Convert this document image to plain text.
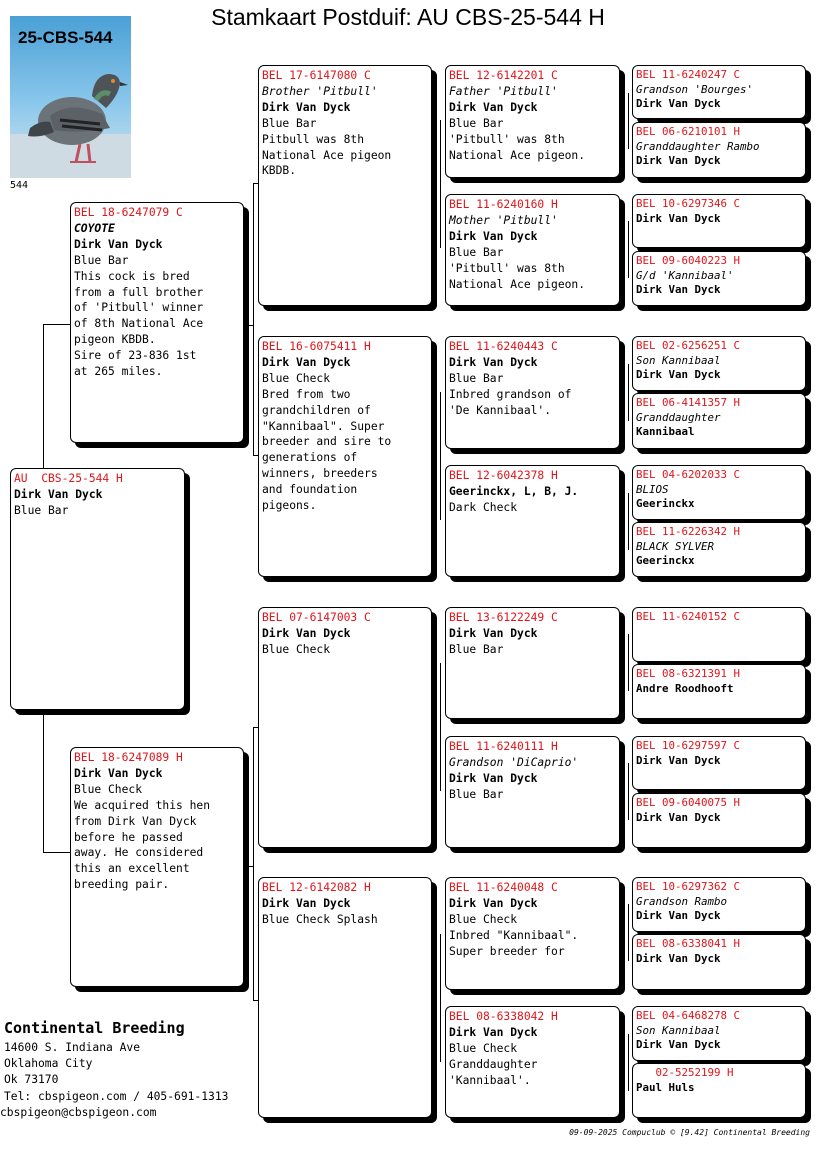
Stamkaart Postduif: AU CBS-25-544 H
25-CBS-544
544
AU  CBS-25-544 H
Dirk Van Dyck
Blue Bar
BEL 18-6247079 C
COYOTE
Dirk Van Dyck
Blue Bar
This cock is bred
from a full brother
of 'Pitbull' winner
of 8th National Ace
pigeon KBDB.
Sire of 23-836 1st
at 265 miles.
BEL 18-6247089 H
Dirk Van Dyck
Blue Check
We acquired this hen
from Dirk Van Dyck
before he passed
away. He considered
this an excellent
breeding pair.
BEL 17-6147080 C
Brother 'Pitbull'
Dirk Van Dyck
Blue Bar
Pitbull was 8th
National Ace pigeon
KBDB.
BEL 16-6075411 H
Dirk Van Dyck
Blue Check
Bred from two
grandchildren of
"Kannibaal". Super
breeder and sire to
generations of
winners, breeders
and foundation
pigeons.
BEL 07-6147003 C
Dirk Van Dyck
Blue Check
BEL 12-6142082 H
Dirk Van Dyck
Blue Check Splash
BEL 12-6142201 C
Father 'Pitbull'
Dirk Van Dyck
Blue Bar
'Pitbull' was 8th
National Ace pigeon.
BEL 11-6240160 H
Mother 'Pitbull'
Dirk Van Dyck
Blue Bar
'Pitbull' was 8th
National Ace pigeon.
BEL 11-6240443 C
Dirk Van Dyck
Blue Bar
Inbred grandson of
'De Kannibaal'.
BEL 12-6042378 H
Geerinckx, L, B, J.
Dark Check
BEL 13-6122249 C
Dirk Van Dyck
Blue Bar
BEL 11-6240111 H
Grandson 'DiCaprio'
Dirk Van Dyck
Blue Bar
BEL 11-6240048 C
Dirk Van Dyck
Blue Check
Inbred "Kannibaal".
Super breeder for
BEL 08-6338042 H
Dirk Van Dyck
Blue Check
Granddaughter
'Kannibaal'.
BEL 11-6240247 C
Grandson 'Bourges'
Dirk Van Dyck
BEL 06-6210101 H
Granddaughter Rambo
Dirk Van Dyck
BEL 10-6297346 C
Dirk Van Dyck
BEL 09-6040223 H
G/d 'Kannibaal'
Dirk Van Dyck
BEL 02-6256251 C
Son Kannibaal
Dirk Van Dyck
BEL 06-4141357 H
Granddaughter
Kannibaal
BEL 04-6202033 C
BLIOS
Geerinckx
BEL 11-6226342 H
BLACK SYLVER
Geerinckx
BEL 11-6240152 C
BEL 08-6321391 H
Andre Roodhooft
BEL 10-6297597 C
Dirk Van Dyck
BEL 09-6040075 H
Dirk Van Dyck
BEL 10-6297362 C
Grandson Rambo
Dirk Van Dyck
BEL 08-6338041 H
Dirk Van Dyck
BEL 04-6468278 C
Son Kannibaal
Dirk Van Dyck
02-5252199 H
Paul Huls
Continental Breeding
14600 S. Indiana Ave
Oklahoma City
Ok 73170
Tel: cbspigeon.com / 405-691-1313
cbspigeon@cbspigeon.com
09-09-2025 Compuclub © [9.42] Continental Breeding
